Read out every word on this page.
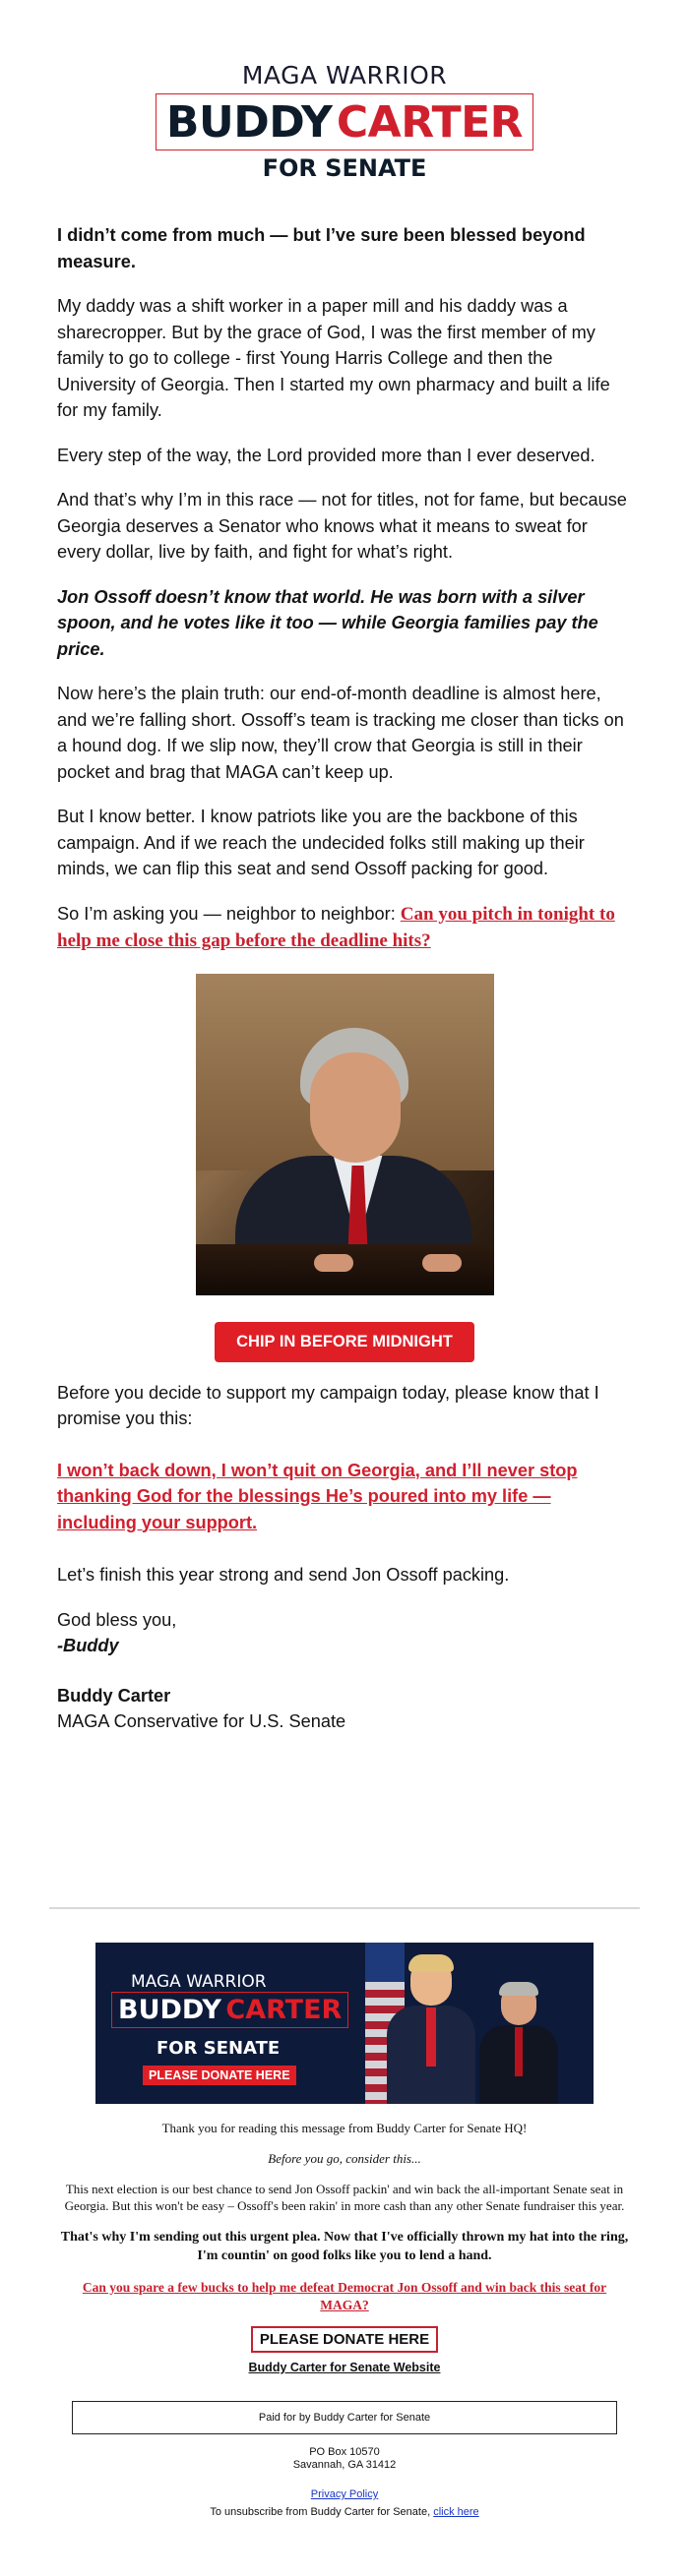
MAGA WARRIOR
BUDDY CARTER
FOR SENATE

I didn’t come from much — but I’ve sure been blessed beyond measure.

My daddy was a shift worker in a paper mill and his daddy was a sharecropper. But by the grace of God, I was the first member of my family to go to college - first Young Harris College and then the University of Georgia. Then I started my own pharmacy and built a life for my family.

Every step of the way, the Lord provided more than I ever deserved.

And that’s why I’m in this race — not for titles, not for fame, but because Georgia deserves a Senator who knows what it means to sweat for every dollar, live by faith, and fight for what’s right.

Jon Ossoff doesn’t know that world. He was born with a silver spoon, and he votes like it too — while Georgia families pay the price.

Now here’s the plain truth: our end-of-month deadline is almost here, and we’re falling short. Ossoff’s team is tracking me closer than ticks on a hound dog. If we slip now, they’ll crow that Georgia is still in their pocket and brag that MAGA can’t keep up.

But I know better. I know patriots like you are the backbone of this campaign. And if we reach the undecided folks still making up their minds, we can flip this seat and send Ossoff packing for good.

So I’m asking you — neighbor to neighbor: Can you pitch in tonight to help me close this gap before the deadline hits?

CHIP IN BEFORE MIDNIGHT

Before you decide to support my campaign today, please know that I promise you this:

I won’t back down, I won’t quit on Georgia, and I’ll never stop thanking God for the blessings He’s poured into my life — including your support.

Let’s finish this year strong and send Jon Ossoff packing.

God bless you,
-Buddy

Buddy Carter
MAGA Conservative for U.S. Senate

MAGA WARRIOR
BUDDY CARTER
FOR SENATE
PLEASE DONATE HERE

Thank you for reading this message from Buddy Carter for Senate HQ!

Before you go, consider this...

This next election is our best chance to send Jon Ossoff packin' and win back the all-important Senate seat in Georgia. But this won't be easy – Ossoff's been rakin' in more cash than any other Senate fundraiser this year.

That's why I'm sending out this urgent plea. Now that I've officially thrown my hat into the ring, I'm countin' on good folks like you to lend a hand.

Can you spare a few bucks to help me defeat Democrat Jon Ossoff and win back this seat for MAGA?

PLEASE DONATE HERE
Buddy Carter for Senate Website
Paid for by Buddy Carter for Senate
PO Box 10570
Savannah, GA 31412
Privacy Policy
To unsubscribe from Buddy Carter for Senate, click here
